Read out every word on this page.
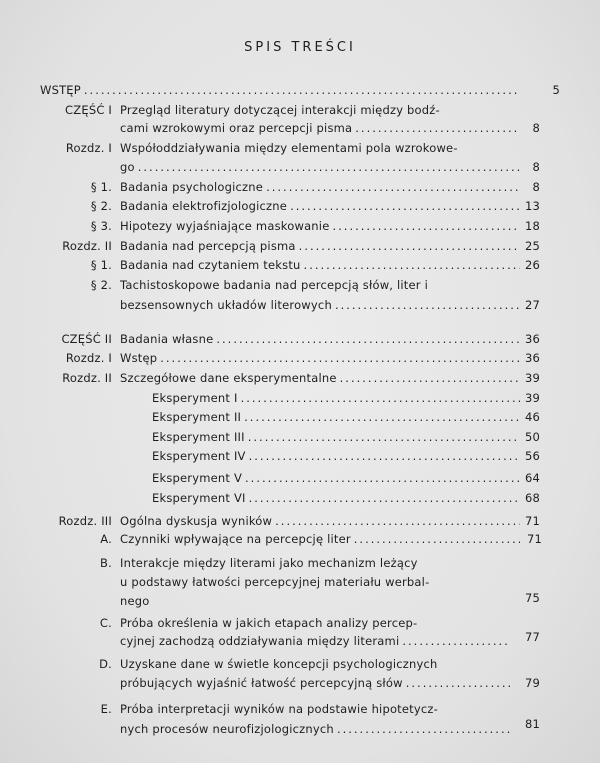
SPIS TREŚCI
WSTĘP .....	5
CZĘŚĆ I Przegląd literatury dotyczącej interakcji między bodź-
cami wzrokowymi oraz percepcji pisma .....	8
Rozdz. I Współoddziaływania między elementami pola wzrokowe-
go .....	8
§ 1. Badania psychologiczne .....	8
§ 2. Badania elektrofizjologiczne .....	13
§ 3. Hipotezy wyjaśniające maskowanie .....	18
Rozdz. II Badania nad percepcją pisma .....	25
§ 1. Badania nad czytaniem tekstu .....	26
§ 2. Tachistoskopowe badania nad percepcją słów, liter i
bezsensownych układów literowych .....	27
CZĘŚĆ II Badania własne .....	36
Rozdz. I Wstęp .....	36
Rozdz. II Szczegółowe dane eksperymentalne .....	39
Eksperyment I .....	39
Eksperyment II .....	46
Eksperyment III .....	50
Eksperyment IV .....	56
Eksperyment V .....	64
Eksperyment VI .....	68
Rozdz. III Ogólna dyskusja wyników .....	71
A. Czynniki wpływające na percepcję liter .....	71
B. Interakcje między literami jako mechanizm leżący
u podstawy łatwości percepcyjnej materiału werbal-
nego	75
C. Próba określenia w jakich etapach analizy percep-
cyjnej zachodzą oddziaływania między literami .....	77
D. Uzyskane dane w świetle koncepcji psychologicznych
próbujących wyjaśnić łatwość percepcyjną słów .....	79
E. Próba interpretacji wyników na podstawie hipotetycz-
nych procesów neurofizjologicznych .....	81
